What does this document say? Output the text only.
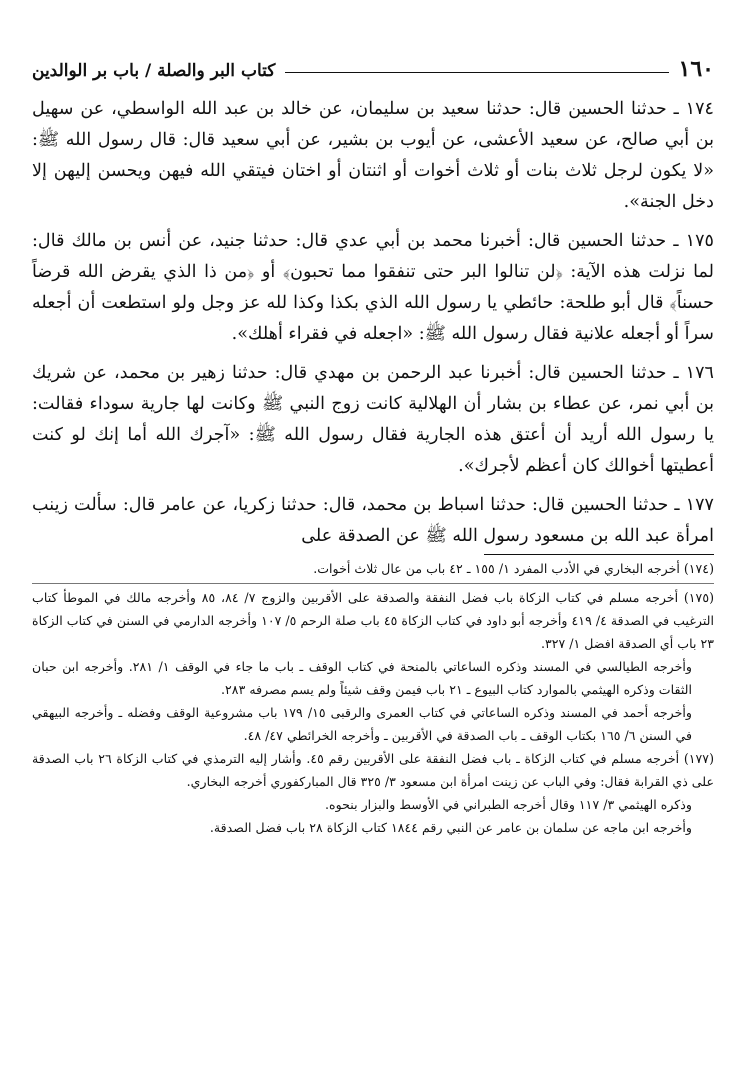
١٦٠
كتاب البر والصلة / باب بر الوالدين

١٧٤ ـ حدثنا الحسين قال: حدثنا سعيد بن سليمان، عن خالد بن عبد الله الواسطي، عن سهيل بن أبي صالح، عن سعيد الأعشى، عن أيوب بن بشير، عن أبي سعيد قال: قال رسول الله ﷺ: «لا يكون لرجل ثلاث بنات أو ثلاث أخوات أو اثنتان أو اختان فيتقي الله فيهن ويحسن إليهن إلا دخل الجنة».

١٧٥ ـ حدثنا الحسين قال: أخبرنا محمد بن أبي عدي قال: حدثنا جنيد، عن أنس بن مالك قال: لما نزلت هذه الآية: ﴿لن تنالوا البر حتى تنفقوا مما تحبون﴾ أو ﴿من ذا الذي يقرض الله قرضاً حسناً﴾ قال أبو طلحة: حائطي يا رسول الله الذي بكذا وكذا لله عز وجل ولو استطعت أن أجعله سراً أو أجعله علانية فقال رسول الله ﷺ: «اجعله في فقراء أهلك».

١٧٦ ـ حدثنا الحسين قال: أخبرنا عبد الرحمن بن مهدي قال: حدثنا زهير بن محمد، عن شريك بن أبي نمر، عن عطاء بن بشار أن الهلالية كانت زوج النبي ﷺ وكانت لها جارية سوداء فقالت: يا رسول الله أريد أن أعتق هذه الجارية فقال رسول الله ﷺ: «آجرك الله أما إنك لو كنت أعطيتها أخوالك كان أعظم لأجرك».

١٧٧ ـ حدثنا الحسين قال: حدثنا اسباط بن محمد، قال: حدثنا زكريا، عن عامر قال: سألت زينب امرأة عبد الله بن مسعود رسول الله ﷺ عن الصدقة على

(١٧٤) أخرجه البخاري في الأدب المفرد ١/ ١٥٥ ـ ٤٢ باب من عال ثلاث أخوات.

(١٧٥) أخرجه مسلم في كتاب الزكاة باب فضل النفقة والصدقة على الأقربين والزوج ٧/ ٨٤، ٨٥ وأخرجه مالك في الموطأ كتاب الترغيب في الصدقة ٤/ ٤١٩ وأخرجه أبو داود في كتاب الزكاة ٤٥ باب صلة الرحم ٥/ ١٠٧ وأخرجه الدارمي في السنن في كتاب الزكاة ٢٣ باب أي الصدقة افضل ١/ ٣٢٧.

وأخرجه الطيالسي في المسند وذكره الساعاتي بالمنحة في كتاب الوقف ـ باب ما جاء في الوقف ١/ ٢٨١. وأخرجه ابن حبان الثقات وذكره الهيثمي بالموارد كتاب البيوع ـ ٢١ باب فيمن وقف شيئاً ولم يسم مصرفه ٢٨٣.

وأخرجه أحمد في المسند وذكره الساعاتي في كتاب العمرى والرقبى ١٥/ ١٧٩ باب مشروعية الوقف وفضله ـ وأخرجه البيهقي في السنن ٦/ ١٦٥ بكتاب الوقف ـ باب الصدقة في الأقربين ـ وأخرجه الخرائطي ٤٧/ ٤٨.

(١٧٧) أخرجه مسلم في كتاب الزكاة ـ باب فضل النفقة على الأقربين رقم ٤٥. وأشار إليه الترمذي في كتاب الزكاة ٢٦ باب الصدقة على ذي القرابة فقال: وفي الباب عن زينت امرأة ابن مسعود ٣/ ٣٢٥ قال المباركفوري أخرجه البخاري.

وذكره الهيثمي ٣/ ١١٧ وقال أخرجه الطبراني في الأوسط والبزار بنحوه.

وأخرجه ابن ماجه عن سلمان بن عامر عن النبي رقم ١٨٤٤ كتاب الزكاة ٢٨ باب فضل الصدقة.
